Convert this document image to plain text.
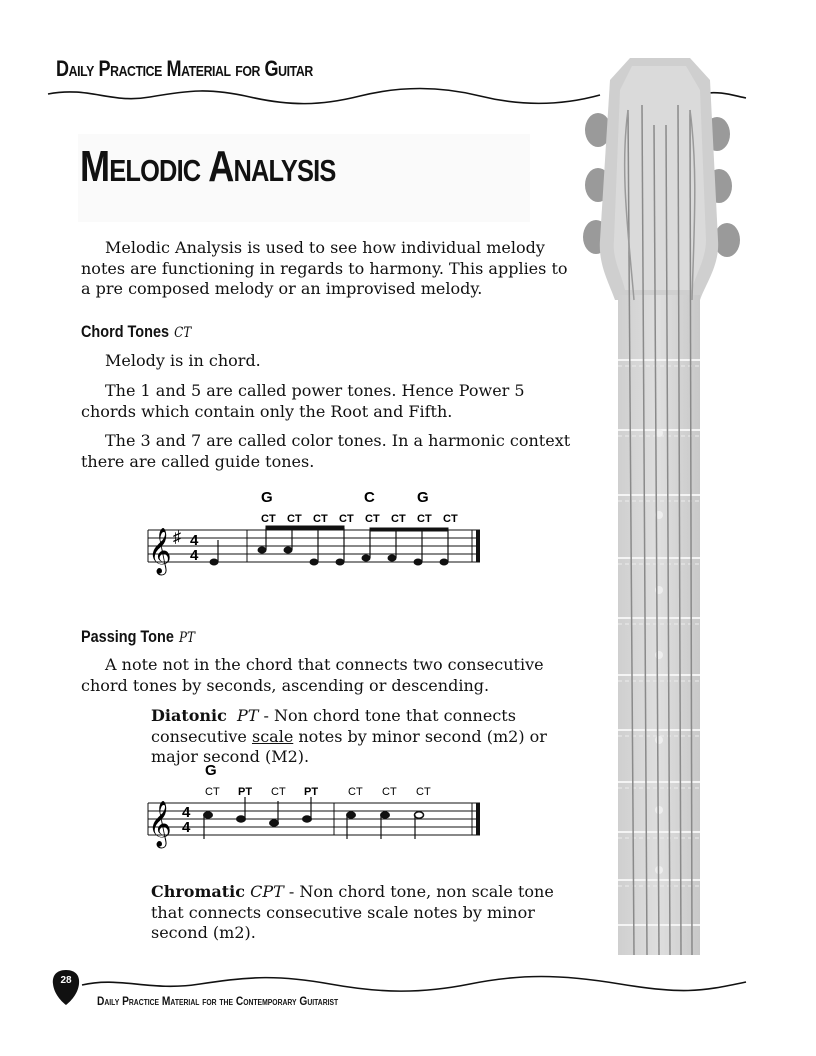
Daily Practice Material for Guitar
Melodic Analysis
Melodic Analysis is used to see how individual melody notes are functioning in regards to harmony. This applies to a pre composed melody or an improvised melody.
Chord Tones CT
Melody is in chord.
The 1 and 5 are called power tones. Hence Power 5 chords which contain only the Root and Fifth.
The 3 and 7 are called color tones. In a harmonic context there are called guide tones.
G	C	G
CT CT CT CT CT CT CT CT
𝄞 ♯ 4
4
Passing Tone PT
A note not in the chord that connects two consecutive chord tones by seconds, ascending or descending.
Diatonic PT - Non chord tone that connects consecutive scale notes by minor second (m2) or major second (M2).
G
CT PT CT PT	CT CT CT
𝄞 4
4
Chromatic CPT - Non chord tone, non scale tone that connects consecutive scale notes by minor second (m2).
28
Daily Practice Material for the Contemporary Guitarist
